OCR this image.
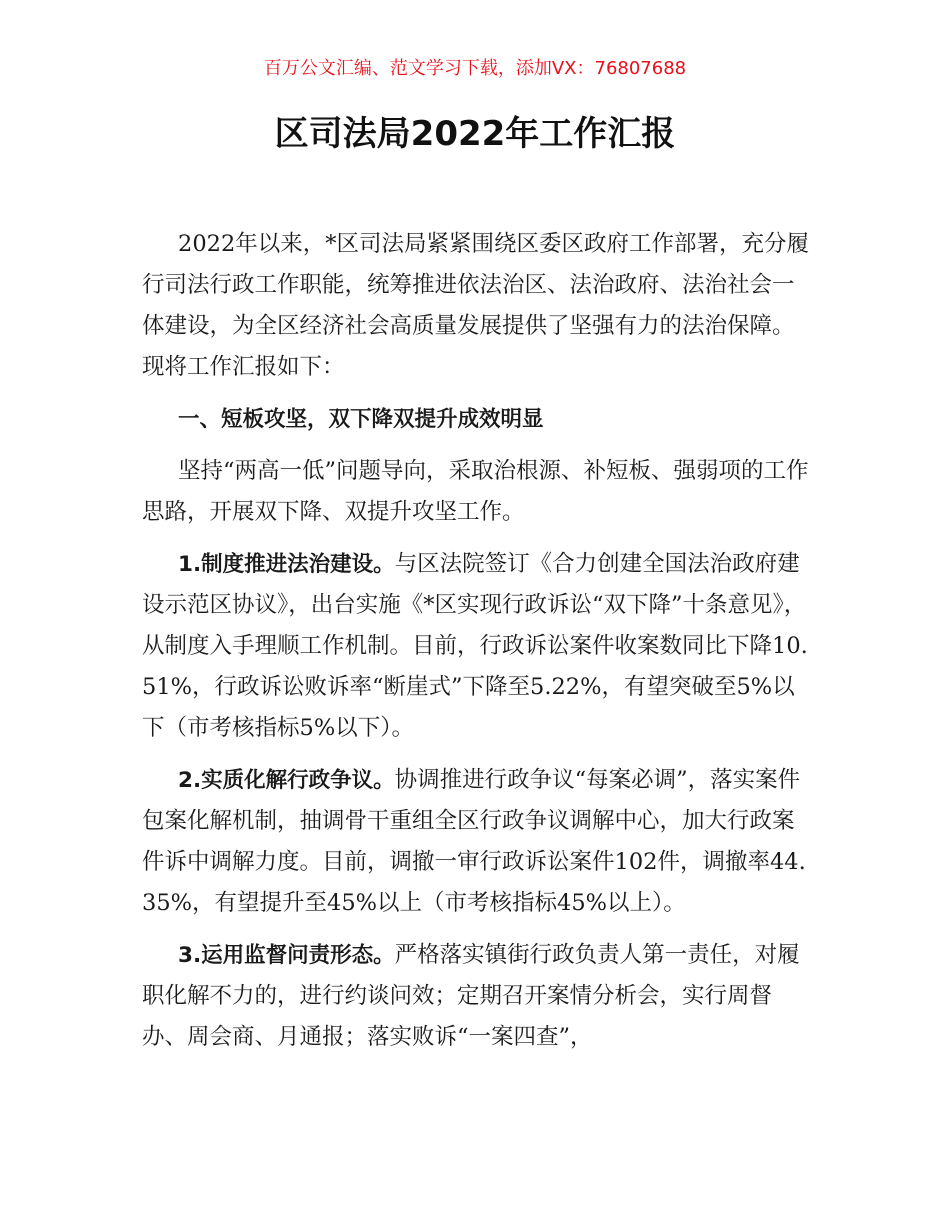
百万公文汇编、范文学习下载，添加VX：76807688
区司法局2022年工作汇报

2022年以来，*区司法局紧紧围绕区委区政府工作部署，充分履行司法行政工作职能，统筹推进依法治区、法治政府、法治社会一体建设，为全区经济社会高质量发展提供了坚强有力的法治保障。现将工作汇报如下：

一、短板攻坚，双下降双提升成效明显

坚持“两高一低”问题导向，采取治根源、补短板、强弱项的工作思路，开展双下降、双提升攻坚工作。

1.制度推进法治建设。与区法院签订《合力创建全国法治政府建设示范区协议》，出台实施《*区实现行政诉讼“双下降”十条意见》，从制度入手理顺工作机制。目前，行政诉讼案件收案数同比下降10.51%，行政诉讼败诉率“断崖式”下降至5.22%，有望突破至5%以下（市考核指标5%以下）。

2.实质化解行政争议。协调推进行政争议“每案必调”，落实案件包案化解机制，抽调骨干重组全区行政争议调解中心，加大行政案件诉中调解力度。目前，调撤一审行政诉讼案件102件，调撤率44.35%，有望提升至45%以上（市考核指标45%以上）。

3.运用监督问责形态。严格落实镇街行政负责人第一责任，对履职化解不力的，进行约谈问效；定期召开案情分析会，实行周督办、周会商、月通报；落实败诉“一案四查”，
